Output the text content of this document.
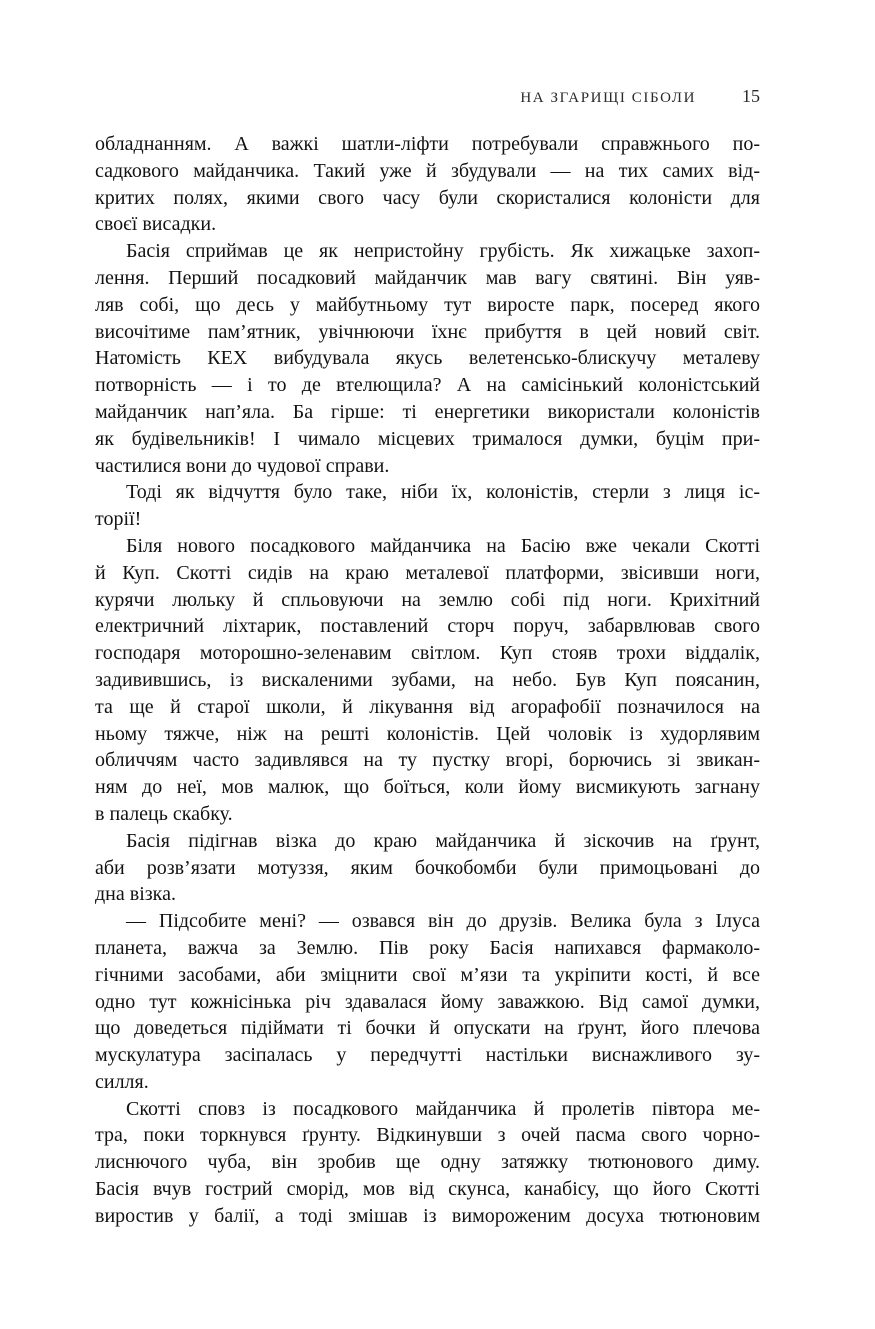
НА ЗГАРИЩІ СІБОЛИ	15
обладнанням. А важкі шатли-ліфти потребували справжнього по-
садкового майданчика. Такий уже й збудували — на тих самих від-
критих полях, якими свого часу були скористалися колоністи для
своєї висадки.
Басія сприймав це як непристойну грубість. Як хижацьке захоп-
лення. Перший посадковий майданчик мав вагу святині. Він уяв-
ляв собі, що десь у майбутньому тут виросте парк, посеред якого
височітиме пам’ятник, увічнюючи їхнє прибуття в цей новий світ.
Натомість КЕХ вибудувала якусь велетенсько-блискучу металеву
потворність — і то де втелющила? А на самісінький колоністський
майданчик нап’яла. Ба гірше: ті енергетики використали колоністів
як будівельників! І чимало місцевих трималося думки, буцім при-
частилися вони до чудової справи.
Тоді як відчуття було таке, ніби їх, колоністів, стерли з лиця іс-
торії!
Біля нового посадкового майданчика на Басію вже чекали Скотті
й Куп. Скотті сидів на краю металевої платформи, звісивши ноги,
курячи люльку й спльовуючи на землю собі під ноги. Крихітний
електричний ліхтарик, поставлений сторч поруч, забарвлював свого
господаря моторошно-зеленавим світлом. Куп стояв трохи віддалік,
задивившись, із вискаленими зубами, на небо. Був Куп поясанин,
та ще й старої школи, й лікування від агорафобії позначилося на
ньому тяжче, ніж на решті колоністів. Цей чоловік із худорлявим
обличчям часто задивлявся на ту пустку вгорі, борючись зі звикан-
ням до неї, мов малюк, що боїться, коли йому висмикують загнану
в палець скабку.
Басія підігнав візка до краю майданчика й зіскочив на ґрунт,
аби розв’язати мотуззя, яким бочкобомби були примоцьовані до
дна візка.
— Підсобите мені? — озвався він до друзів. Велика була з Ілуса
планета, важча за Землю. Пів року Басія напихався фармаколо-
гічними засобами, аби зміцнити свої м’язи та укріпити кості, й все
одно тут кожнісінька річ здавалася йому заважкою. Від самої думки,
що доведеться підіймати ті бочки й опускати на ґрунт, його плечова
мускулатура засіпалась у передчутті настільки виснажливого зу-
силля.
Скотті сповз із посадкового майданчика й пролетів півтора ме-
тра, поки торкнувся ґрунту. Відкинувши з очей пасма свого чорно-
лиснючого чуба, він зробив ще одну затяжку тютюнового диму.
Басія вчув гострий сморід, мов від скунса, канабісу, що його Скотті
виростив у балії, а тоді змішав із вимороженим досуха тютюновим
